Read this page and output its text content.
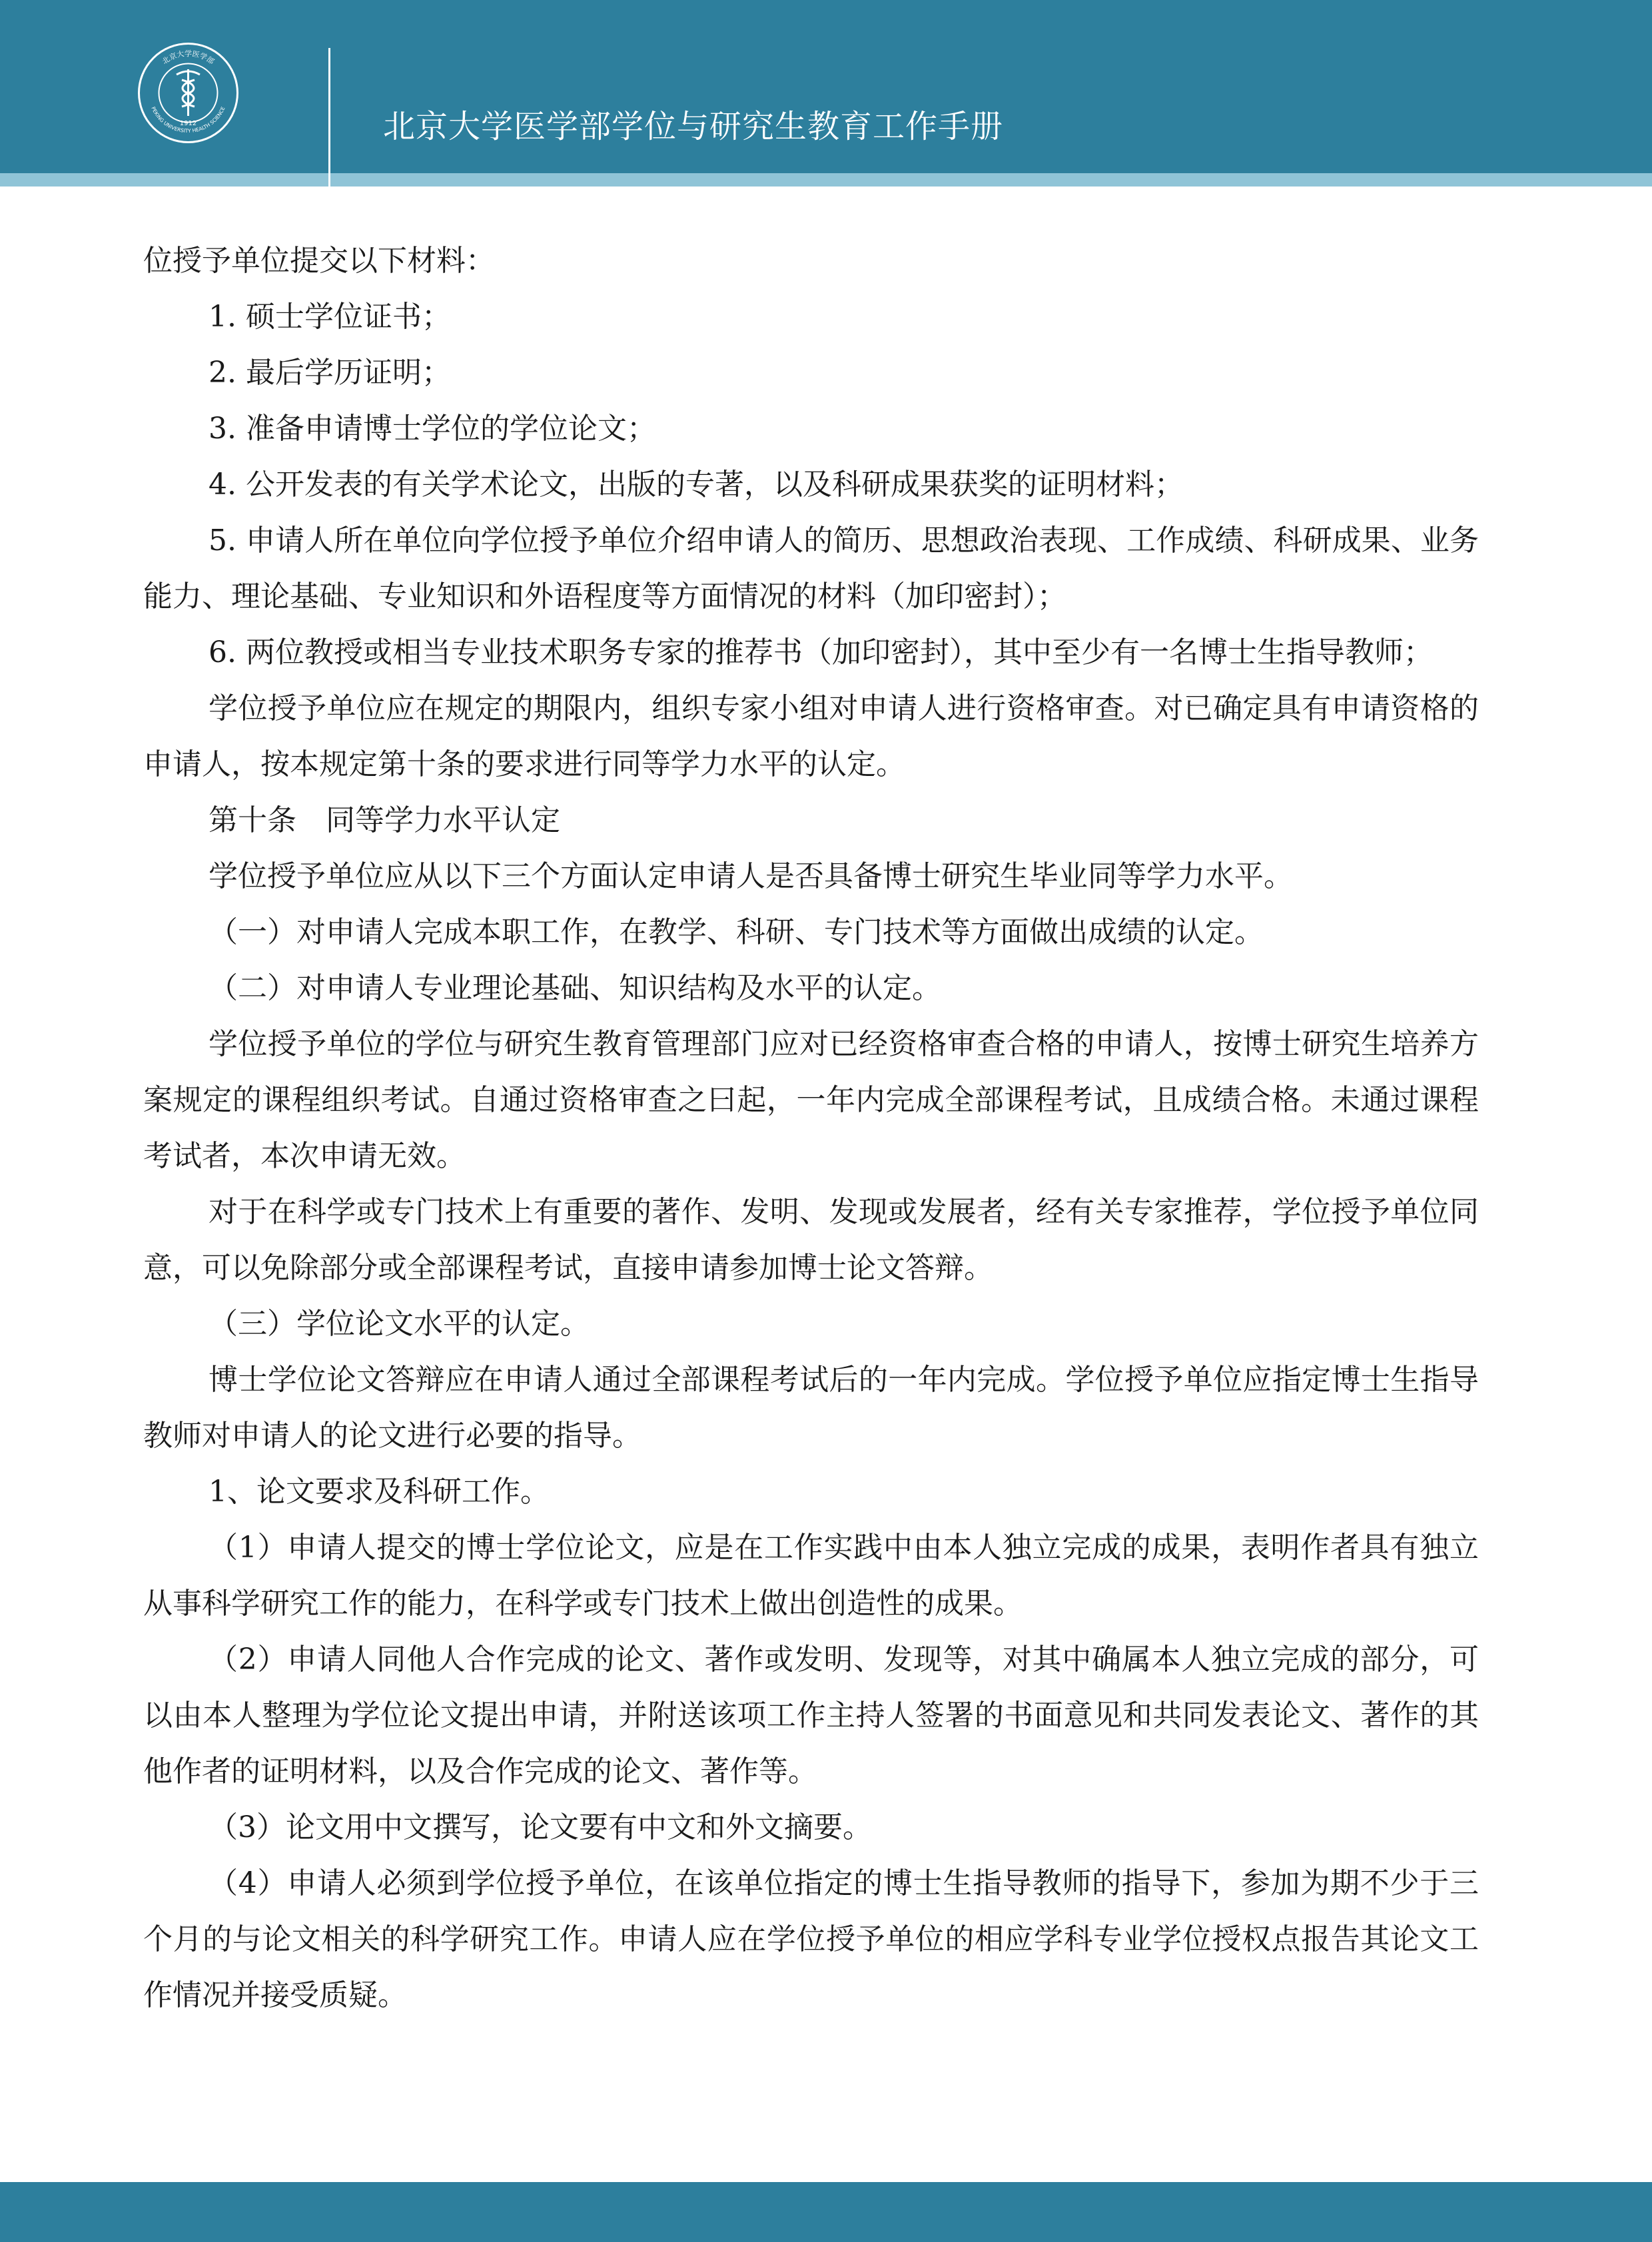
北京大学医学部
PEKING UNIVERSITY HEALTH SCIENCE
1912	北京大学医学部学位与研究生教育工作手册

位授予单位提交以下材料：

1. 硕士学位证书；

2. 最后学历证明；

3. 准备申请博士学位的学位论文；

4. 公开发表的有关学术论文，出版的专著，以及科研成果获奖的证明材料；

5. 申请人所在单位向学位授予单位介绍申请人的简历、思想政治表现、工作成绩、科研成果、业务能力、理论基础、专业知识和外语程度等方面情况的材料（加印密封）；

6. 两位教授或相当专业技术职务专家的推荐书（加印密封），其中至少有一名博士生指导教师；

学位授予单位应在规定的期限内，组织专家小组对申请人进行资格审查。对已确定具有申请资格的申请人，按本规定第十条的要求进行同等学力水平的认定。

第十条　同等学力水平认定

学位授予单位应从以下三个方面认定申请人是否具备博士研究生毕业同等学力水平。

（一）对申请人完成本职工作，在教学、科研、专门技术等方面做出成绩的认定。

（二）对申请人专业理论基础、知识结构及水平的认定。

学位授予单位的学位与研究生教育管理部门应对已经资格审查合格的申请人，按博士研究生培养方案规定的课程组织考试。自通过资格审查之曰起，一年内完成全部课程考试，且成绩合格。未通过课程考试者，本次申请无效。

对于在科学或专门技术上有重要的著作、发明、发现或发展者，经有关专家推荐，学位授予单位同意，可以免除部分或全部课程考试，直接申请参加博士论文答辩。

（三）学位论文水平的认定。

博士学位论文答辩应在申请人通过全部课程考试后的一年内完成。学位授予单位应指定博士生指导教师对申请人的论文进行必要的指导。

1、论文要求及科研工作。

（1）申请人提交的博士学位论文，应是在工作实践中由本人独立完成的成果，表明作者具有独立从事科学研究工作的能力，在科学或专门技术上做出创造性的成果。

（2）申请人同他人合作完成的论文、著作或发明、发现等，对其中确属本人独立完成的部分，可以由本人整理为学位论文提出申请，并附送该项工作主持人签署的书面意见和共同发表论文、著作的其他作者的证明材料，以及合作完成的论文、著作等。

（3）论文用中文撰写，论文要有中文和外文摘要。

（4）申请人必须到学位授予单位，在该单位指定的博士生指导教师的指导下，参加为期不少于三个月的与论文相关的科学研究工作。申请人应在学位授予单位的相应学科专业学位授权点报告其论文工作情况并接受质疑。
